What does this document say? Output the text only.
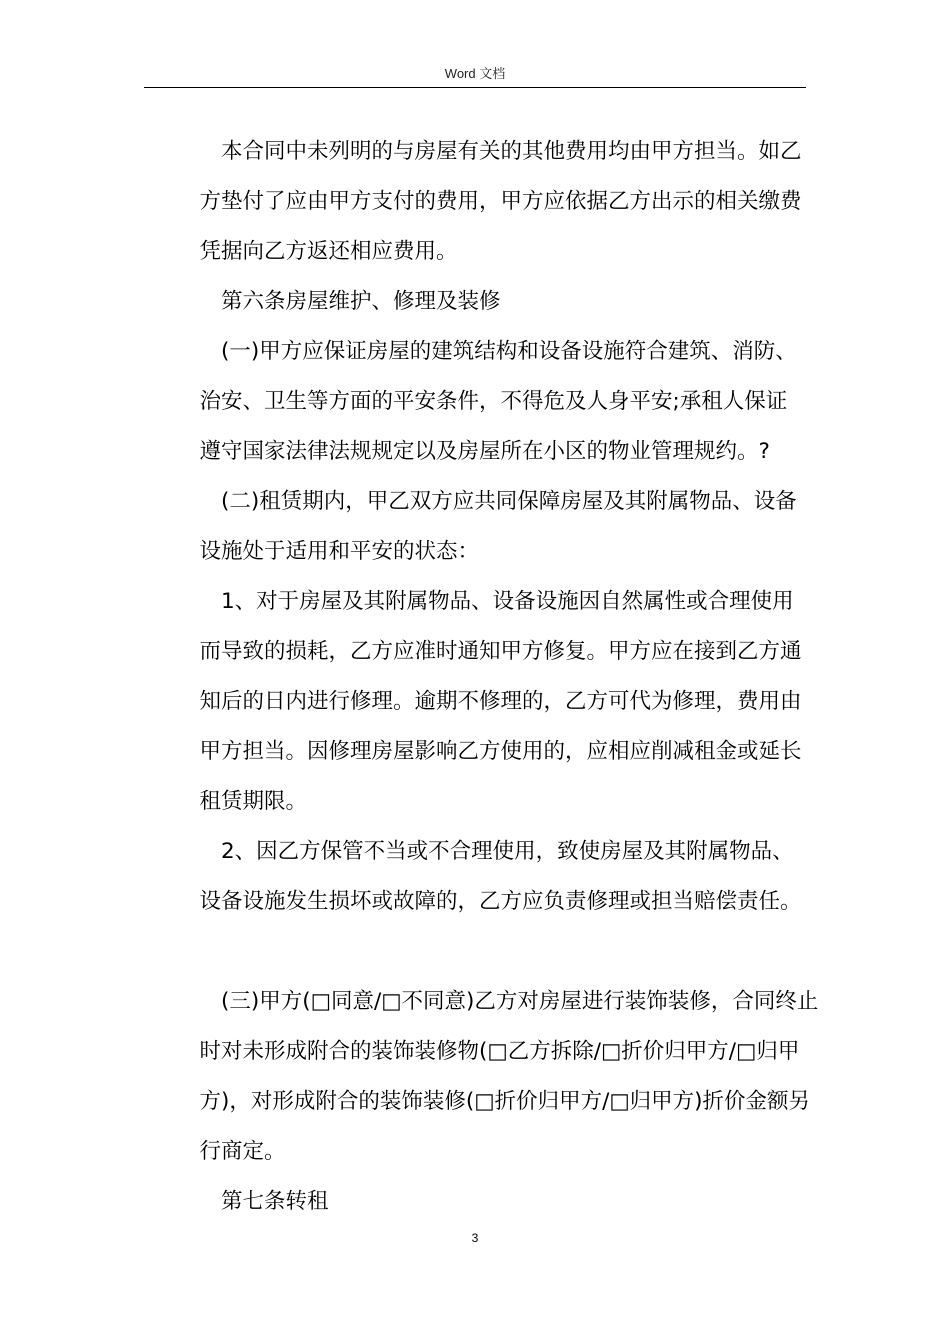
Word 文档
本合同中未列明的与房屋有关的其他费用均由甲方担当。如乙
方垫付了应由甲方支付的费用，甲方应依据乙方出示的相关缴费
凭据向乙方返还相应费用。
第六条房屋维护、修理及装修
(一)甲方应保证房屋的建筑结构和设备设施符合建筑、消防、
治安、卫生等方面的平安条件，不得危及人身平安;承租人保证
遵守国家法律法规规定以及房屋所在小区的物业管理规约。?
(二)租赁期内，甲乙双方应共同保障房屋及其附属物品、设备
设施处于适用和平安的状态：
1、对于房屋及其附属物品、设备设施因自然属性或合理使用
而导致的损耗，乙方应准时通知甲方修复。甲方应在接到乙方通
知后的日内进行修理。逾期不修理的，乙方可代为修理，费用由
甲方担当。因修理房屋影响乙方使用的，应相应削减租金或延长
租赁期限。
2、因乙方保管不当或不合理使用，致使房屋及其附属物品、
设备设施发生损坏或故障的，乙方应负责修理或担当赔偿责任。
(三)甲方(□同意/□不同意)乙方对房屋进行装饰装修，合同终止
时对未形成附合的装饰装修物(□乙方拆除/□折价归甲方/□归甲
方)，对形成附合的装饰装修(□折价归甲方/□归甲方)折价金额另
行商定。
第七条转租
3
